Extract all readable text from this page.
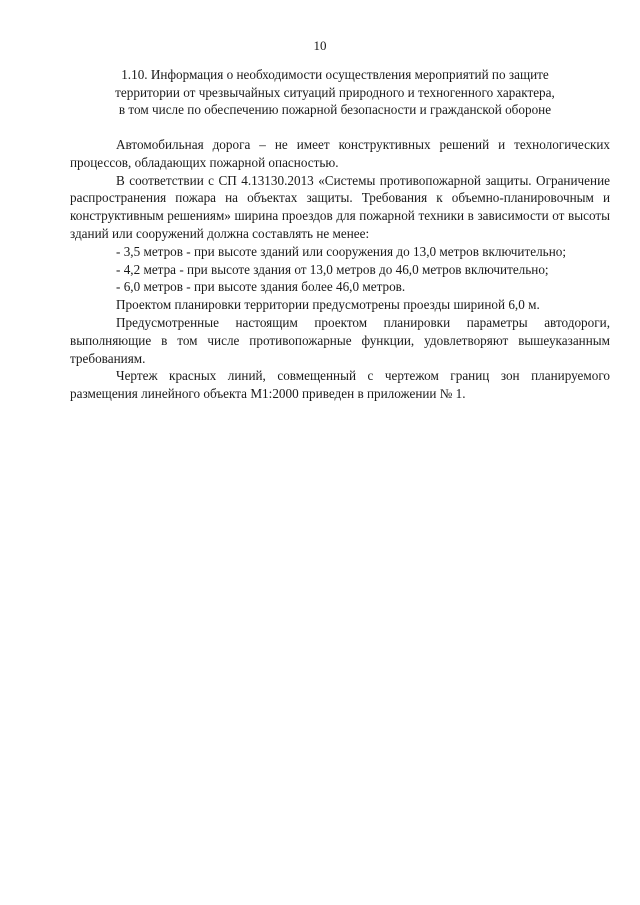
10
1.10. Информация о необходимости осуществления мероприятий по защите
территории от чрезвычайных ситуаций природного и техногенного характера,
в том числе по обеспечению пожарной безопасности и гражданской обороне

Автомобильная дорога – не имеет конструктивных решений и технологических процессов, обладающих пожарной опасностью.

В соответствии с СП 4.13130.2013 «Системы противопожарной защиты. Ограничение распространения пожара на объектах защиты. Требования к объемно-планировочным и конструктивным решениям» ширина проездов для пожарной техники в зависимости от высоты зданий или сооружений должна составлять не менее:

- 3,5 метров - при высоте зданий или сооружения до 13,0 метров включительно;

- 4,2 метра - при высоте здания от 13,0 метров до 46,0 метров включительно;

- 6,0 метров - при высоте здания более 46,0 метров.

Проектом планировки территории предусмотрены проезды шириной 6,0 м.

Предусмотренные настоящим проектом планировки параметры автодороги, выполняющие в том числе противопожарные функции, удовлетворяют вышеуказанным требованиям.

Чертеж красных линий, совмещенный с чертежом границ зон планируемого размещения линейного объекта М1:2000 приведен в приложении № 1.
